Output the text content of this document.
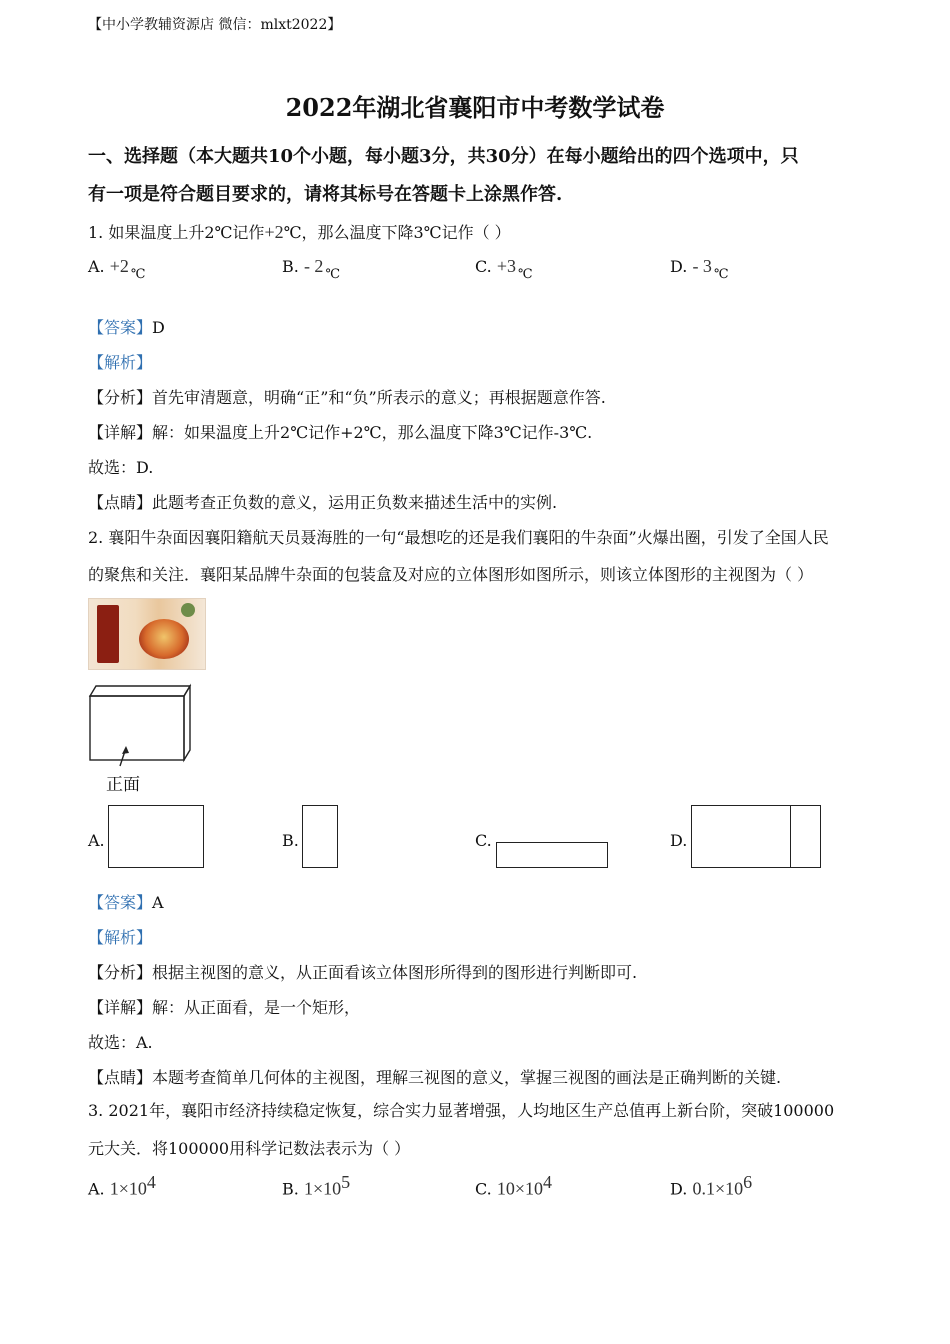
【中小学教辅资源店 微信：mlxt2022】
2022年湖北省襄阳市中考数学试卷
一、选择题（本大题共10个小题，每小题3分，共30分）在每小题给出的四个选项中，只
有一项是符合题目要求的，请将其标号在答题卡上涂黑作答.
1. 如果温度上升2℃记作+2℃，那么温度下降3℃记作（ ）
A. +2 $_℃$	B. - 2 $_℃$	C. +3 $_℃$	D. - 3 $_℃$
【答案】D
【解析】
【分析】首先审清题意，明确“正”和“负”所表示的意义；再根据题意作答.
【详解】解：如果温度上升2℃记作+2℃，那么温度下降3℃记作-3℃.
故选：D.
【点睛】此题考查正负数的意义，运用正负数来描述生活中的实例.
2. 襄阳牛杂面因襄阳籍航天员聂海胜的一句“最想吃的还是我们襄阳的牛杂面”火爆出圈，引发了全国人民
的聚焦和关注．襄阳某品牌牛杂面的包装盒及对应的立体图形如图所示，则该立体图形的主视图为（ ）
正面
A.	B.	C.	D.
【答案】A
【解析】
【分析】根据主视图的意义，从正面看该立体图形所得到的图形进行判断即可.
【详解】解：从正面看，是一个矩形，
故选：A.
【点睛】本题考查简单几何体的主视图，理解三视图的意义，掌握三视图的画法是正确判断的关键.
3. 2021年，襄阳市经济持续稳定恢复，综合实力显著增强，人均地区生产总值再上新台阶，突破100000
元大关．将100000用科学记数法表示为（ ）
A. $1\times 10^4$	B. $1\times 10^5$	C. $10\times 10^4$	D. $0.1\times 10^6$
